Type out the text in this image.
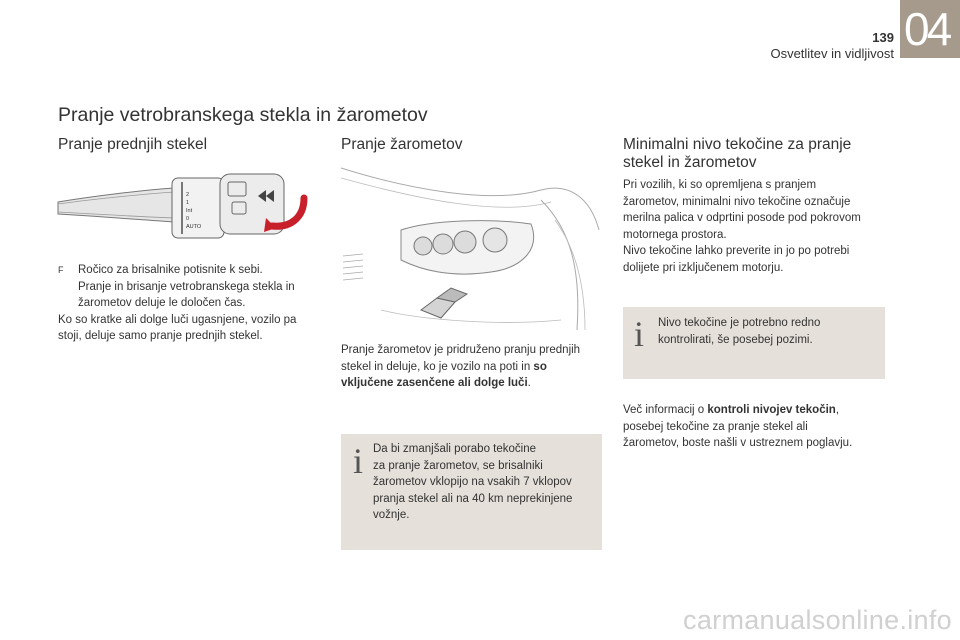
139
Osvetlitev in vidljivost 04
Pranje vetrobranskega stekla in žarometov
Pranje prednjih stekel
2
1
Int
0
AUTO
F	Ročico za brisalnike potisnite k sebi.
Pranje in brisanje vetrobranskega stekla in
žarometov deluje le določen čas.
Ko so kratke ali dolge luči ugasnjene, vozilo pa
stoji, deluje samo pranje prednjih stekel.
Pranje žarometov
Pranje žarometov je pridruženo pranju prednjih
stekel in deluje, ko je vozilo na poti in so
vključene zasenčene ali dolge luči.
i Da bi zmanjšali porabo tekočine
za pranje žarometov, se brisalniki
žarometov vklopijo na vsakih 7 vklopov
pranja stekel ali na 40 km neprekinjene
vožnje.
Minimalni nivo tekočine za pranje
stekel in žarometov
Pri vozilih, ki so opremljena s pranjem
žarometov, minimalni nivo tekočine označuje
merilna palica v odprtini posode pod pokrovom
motornega prostora.
Nivo tekočine lahko preverite in jo po potrebi
dolijete pri izključenem motorju.
i Nivo tekočine je potrebno redno
kontrolirati, še posebej pozimi.
Več informacij o kontroli nivojev tekočin,
posebej tekočine za pranje stekel ali
žarometov, boste našli v ustreznem poglavju.
carmanualsonline.info
